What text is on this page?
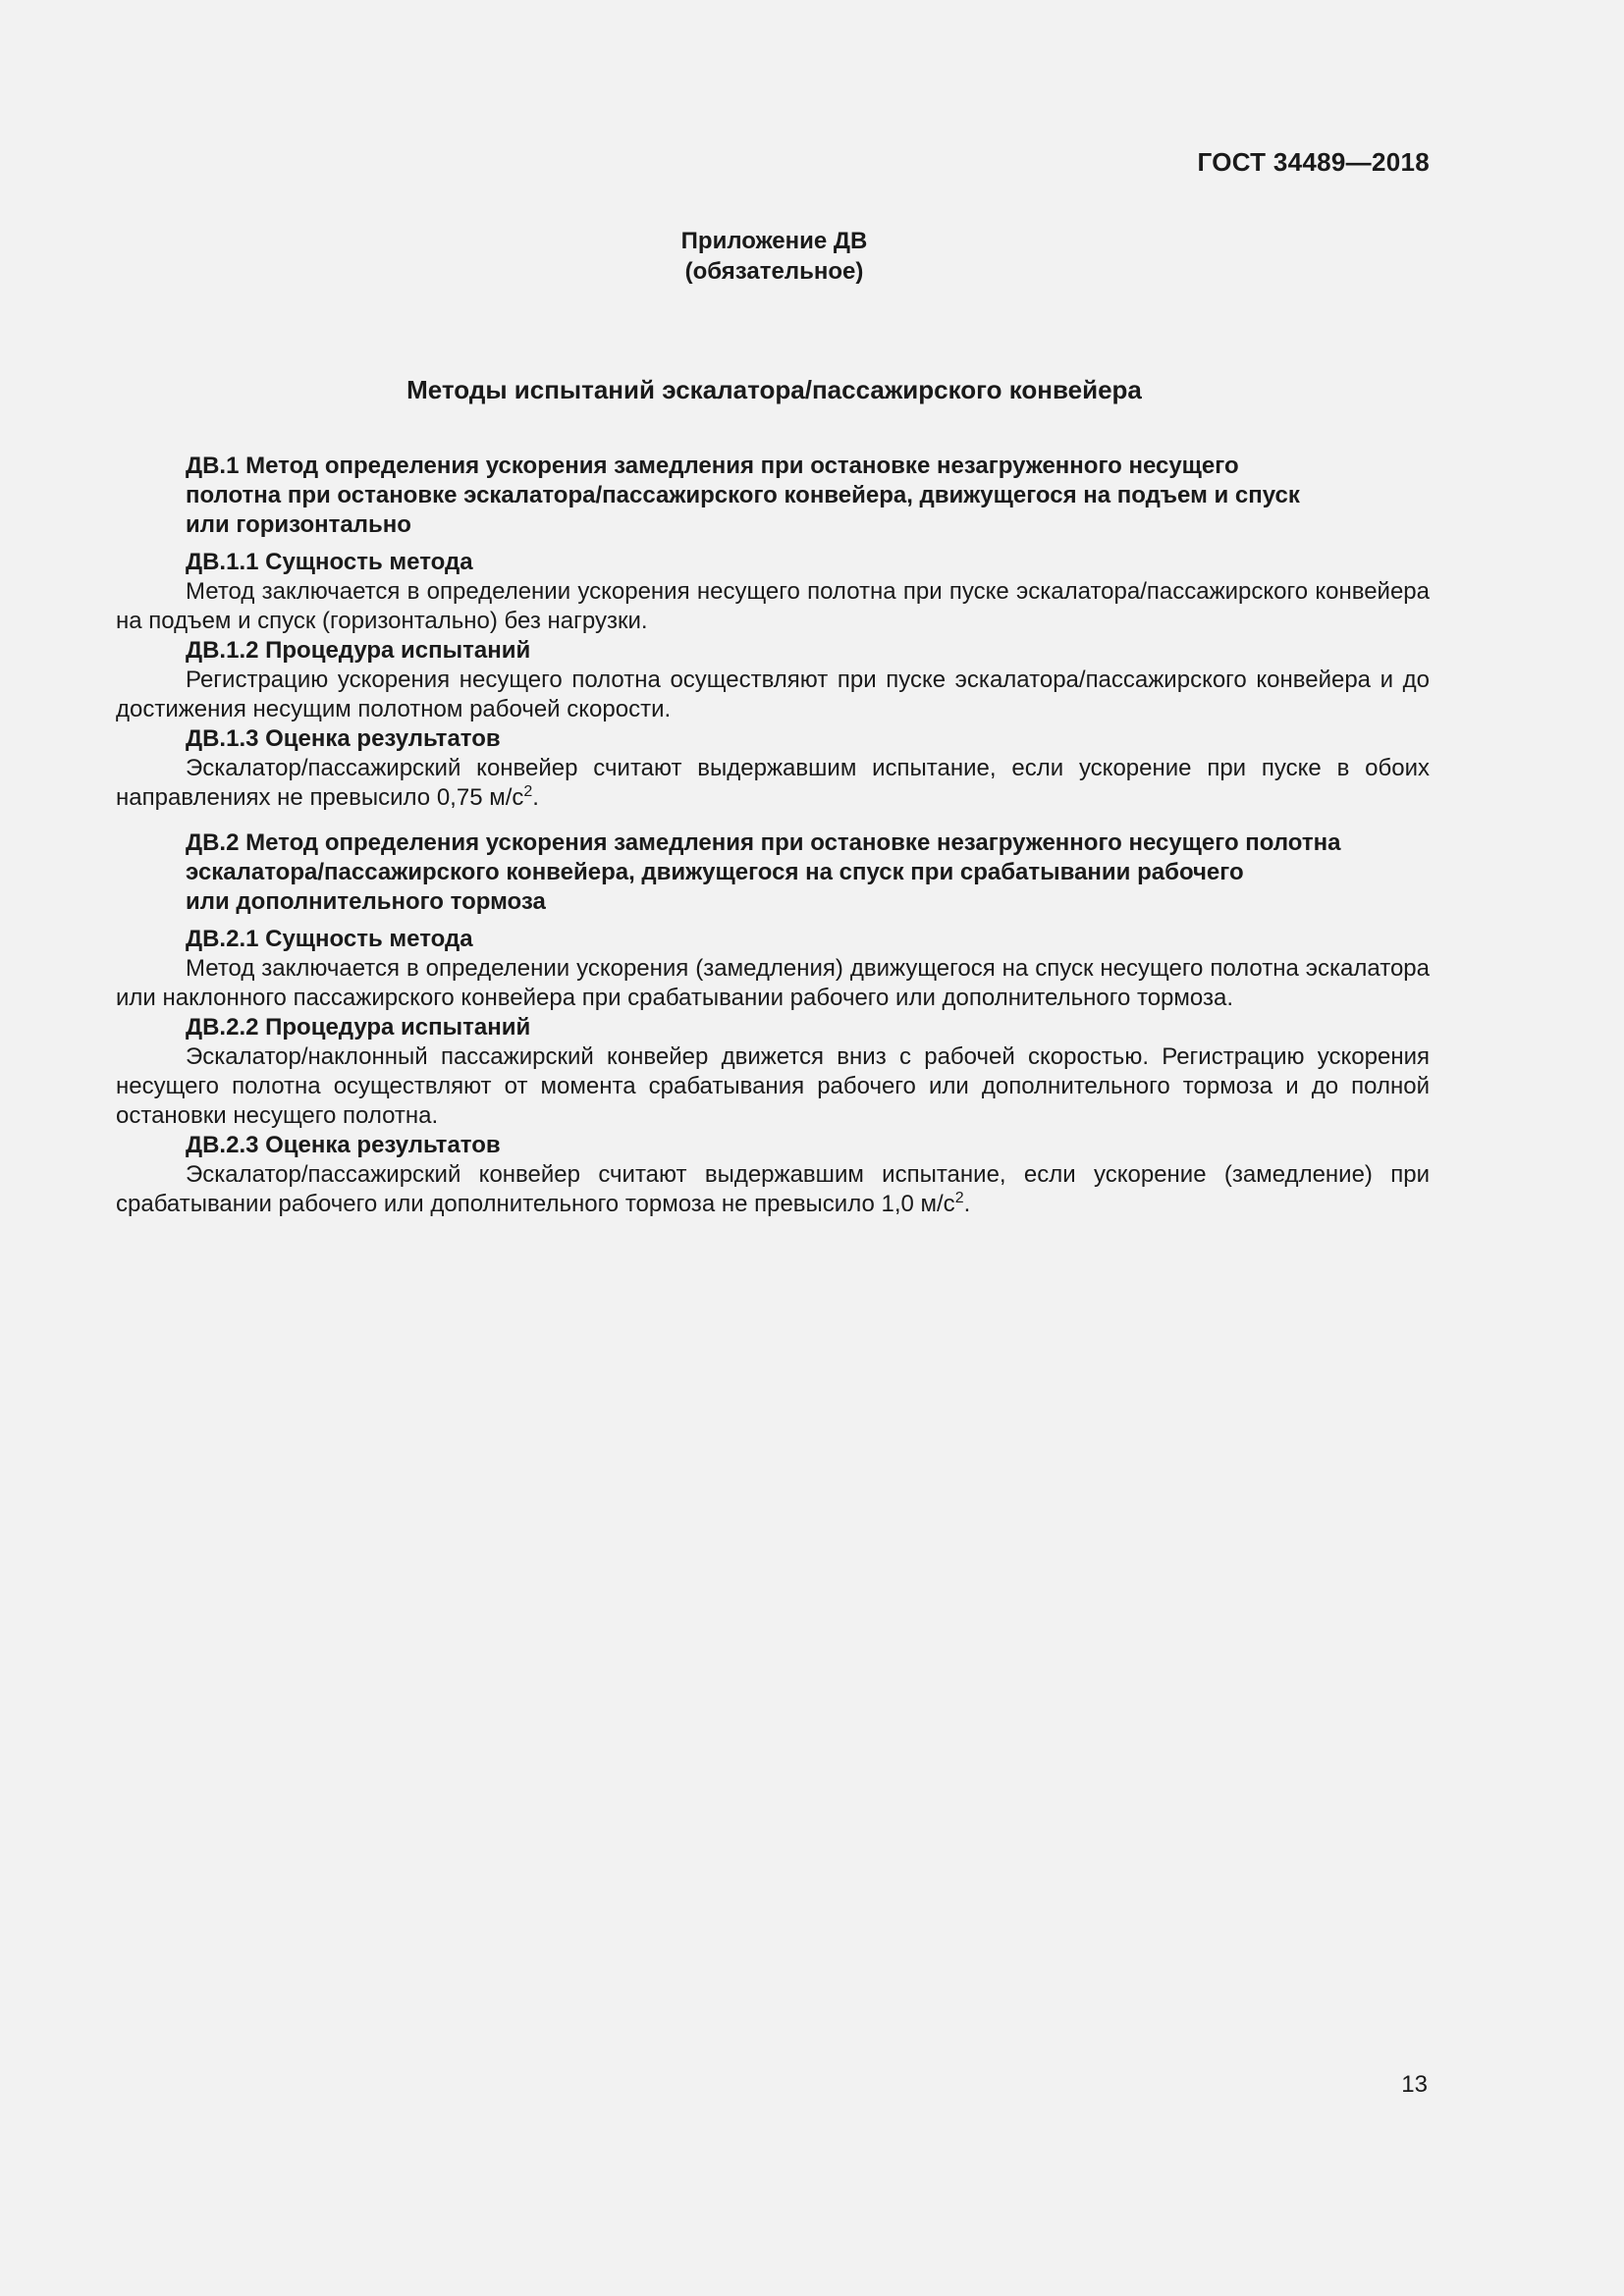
ГОСТ 34489—2018
Приложение ДВ
(обязательное)
Методы испытаний эскалатора/пассажирского конвейера

ДВ.1 Метод определения ускорения замедления при остановке незагруженного несущего
полотна при остановке эскалатора/пассажирского конвейера, движущегося на подъем и спуск
или горизонтально

ДВ.1.1 Сущность метода

Метод заключается в определении ускорения несущего полотна при пуске эскалатора/пассажирского конвейера на подъем и спуск (горизонтально) без нагрузки.

ДВ.1.2 Процедура испытаний

Регистрацию ускорения несущего полотна осуществляют при пуске эскалатора/пассажирского конвейера и до достижения несущим полотном рабочей скорости.

ДВ.1.3 Оценка результатов

Эскалатор/пассажирский конвейер считают выдержавшим испытание, если ускорение при пуске в обоих направлениях не превысило 0,75 $м/с^2$.

ДВ.2 Метод определения ускорения замедления при остановке незагруженного несущего полотна
эскалатора/пассажирского конвейера, движущегося на спуск при срабатывании рабочего
или дополнительного тормоза

ДВ.2.1 Сущность метода

Метод заключается в определении ускорения (замедления) движущегося на спуск несущего полотна эскалатора или наклонного пассажирского конвейера при срабатывании рабочего или дополнительного тормоза.

ДВ.2.2 Процедура испытаний

Эскалатор/наклонный пассажирский конвейер движется вниз с рабочей скоростью. Регистрацию ускорения несущего полотна осуществляют от момента срабатывания рабочего или дополнительного тормоза и до полной остановки несущего полотна.

ДВ.2.3 Оценка результатов

Эскалатор/пассажирский конвейер считают выдержавшим испытание, если ускорение (замедление) при срабатывании рабочего или дополнительного тормоза не превысило 1,0 $м/с^2$.

13
